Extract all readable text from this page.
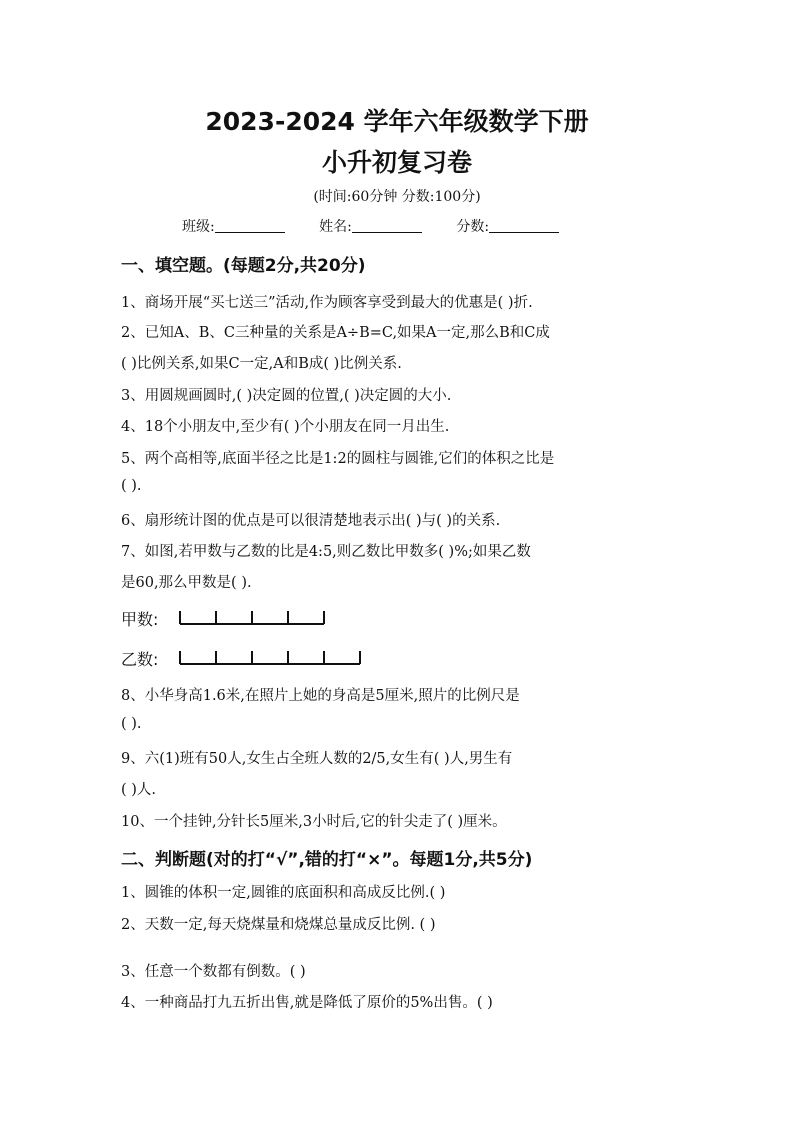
2023-2024 学年六年级数学下册
小升初复习卷
(时间:60分钟 分数:100分)
班级:	姓名:	分数:
一、填空题。(每题2分,共20分)
1、商场开展“买七送三”活动,作为顾客享受到最大的优惠是( )折.
2、已知A、B、C三种量的关系是A÷B=C,如果A一定,那么B和C成
( )比例关系,如果C一定,A和B成( )比例关系.
3、用圆规画圆时,( )决定圆的位置,( )决定圆的大小.
4、18个小朋友中,至少有( )个小朋友在同一月出生.
5、两个高相等,底面半径之比是1:2的圆柱与圆锥,它们的体积之比是
( ).
6、扇形统计图的优点是可以很清楚地表示出( )与( )的关系.
7、如图,若甲数与乙数的比是4:5,则乙数比甲数多( )%;如果乙数
是60,那么甲数是( ).
甲数:
乙数:
8、小华身高1.6米,在照片上她的身高是5厘米,照片的比例尺是
( ).
9、六(1)班有50人,女生占全班人数的2/5,女生有( )人,男生有
( )人.
10、一个挂钟,分针长5厘米,3小时后,它的针尖走了( )厘米。
二、判断题(对的打“√”,错的打“×”。每题1分,共5分)
1、圆锥的体积一定,圆锥的底面积和高成反比例.( )
2、天数一定,每天烧煤量和烧煤总量成反比例. ( )
3、任意一个数都有倒数。( )
4、一种商品打九五折出售,就是降低了原价的5%出售。( )
